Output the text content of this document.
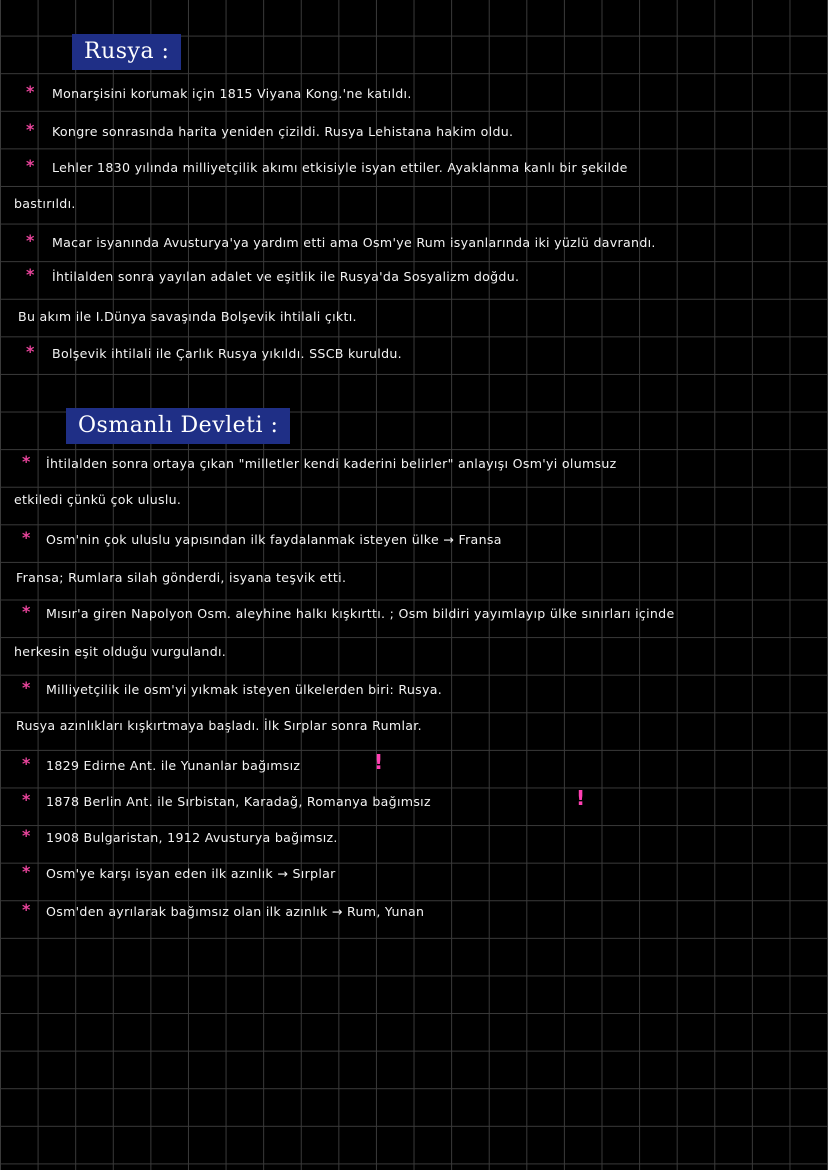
Rusya :
* Monarşisini korumak için 1815 Viyana Kong.'ne katıldı.
* Kongre sonrasında harita yeniden çizildi. Rusya Lehistana hakim oldu.
* Lehler 1830 yılında milliyetçilik akımı etkisiyle isyan ettiler. Ayaklanma kanlı bir şekilde
bastırıldı.
* Macar isyanında Avusturya'ya yardım etti ama Osm'ye Rum isyanlarında iki yüzlü davrandı.
* İhtilalden sonra yayılan adalet ve eşitlik ile Rusya'da Sosyalizm doğdu.
Bu akım ile I.Dünya savaşında Bolşevik ihtilali çıktı.
* Bolşevik ihtilali ile Çarlık Rusya yıkıldı. SSCB kuruldu.
Osmanlı Devleti :
* İhtilalden sonra ortaya çıkan "milletler kendi kaderini belirler" anlayışı Osm'yi olumsuz
etkiledi çünkü çok uluslu.
* Osm'nin çok uluslu yapısından ilk faydalanmak isteyen ülke → Fransa
Fransa; Rumlara silah gönderdi, isyana teşvik etti.
* Mısır'a giren Napolyon Osm. aleyhine halkı kışkırttı. ; Osm bildiri yayımlayıp ülke sınırları içinde
herkesin eşit olduğu vurgulandı.
* Milliyetçilik ile osm'yi yıkmak isteyen ülkelerden biri: Rusya.
Rusya azınlıkları kışkırtmaya başladı. İlk Sırplar sonra Rumlar.
* 1829 Edirne Ant. ile Yunanlar bağımsız	!
* 1878 Berlin Ant. ile Sırbistan, Karadağ, Romanya bağımsız	!
* 1908 Bulgaristan, 1912 Avusturya bağımsız.
* Osm'ye karşı isyan eden ilk azınlık → Sırplar
* Osm'den ayrılarak bağımsız olan ilk azınlık → Rum, Yunan
